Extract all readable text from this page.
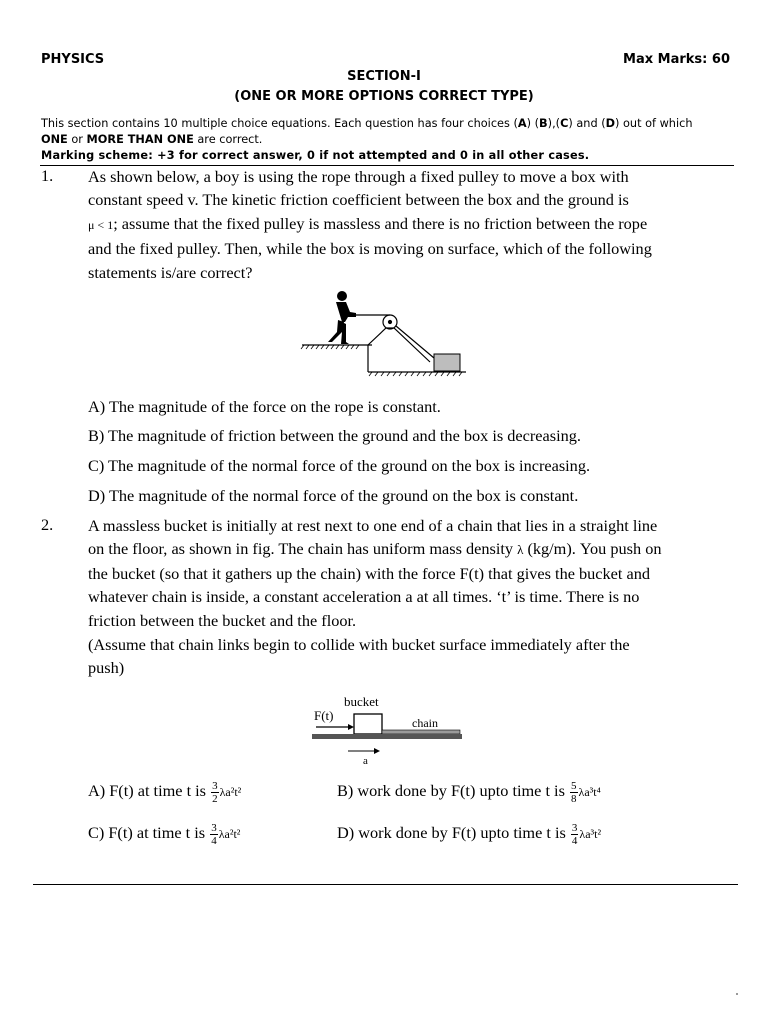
PHYSICS	Max Marks: 60
SECTION-I
(ONE OR MORE OPTIONS CORRECT TYPE)
This section contains 10 multiple choice equations. Each question has four choices (A) (B),(C) and (D) out of which
ONE or MORE THAN ONE are correct.
Marking scheme: +3 for correct answer, 0 if not attempted and 0 in all other cases.
1. As shown below, a boy is using the rope through a fixed pulley to move a box with
constant speed v. The kinetic friction coefficient between the box and the ground is
μ < 1; assume that the fixed pulley is massless and there is no friction between the rope
and the fixed pulley. Then, while the box is moving on surface, which of the following
statements is/are correct?
A) The magnitude of the force on the rope is constant.
B) The magnitude of friction between the ground and the box is decreasing.
C) The magnitude of the normal force of the ground on the box is increasing.
D) The magnitude of the normal force of the ground on the box is constant.
2. A massless bucket is initially at rest next to one end of a chain that lies in a straight line
on the floor, as shown in fig. The chain has uniform mass density λ (kg/m). You push on
the bucket (so that it gathers up the chain) with the force F(t) that gives the bucket and
whatever chain is inside, a constant acceleration a at all times. ‘t’ is time. There is no
friction between the bucket and the floor.
(Assume that chain links begin to collide with bucket surface immediately after the
push)
bucket
F(t)	chain
a
A) F(t) at time t is $\frac{3}{2} \lambda a^2t^2$	B) work done by F(t) upto time t is $\frac{5}{8} \lambda a^3t^4$
C) F(t) at time t is $\frac{3}{4} \lambda a^2t^2$	D) work done by F(t) upto time t is $\frac{3}{4} \lambda a^3t^2$
